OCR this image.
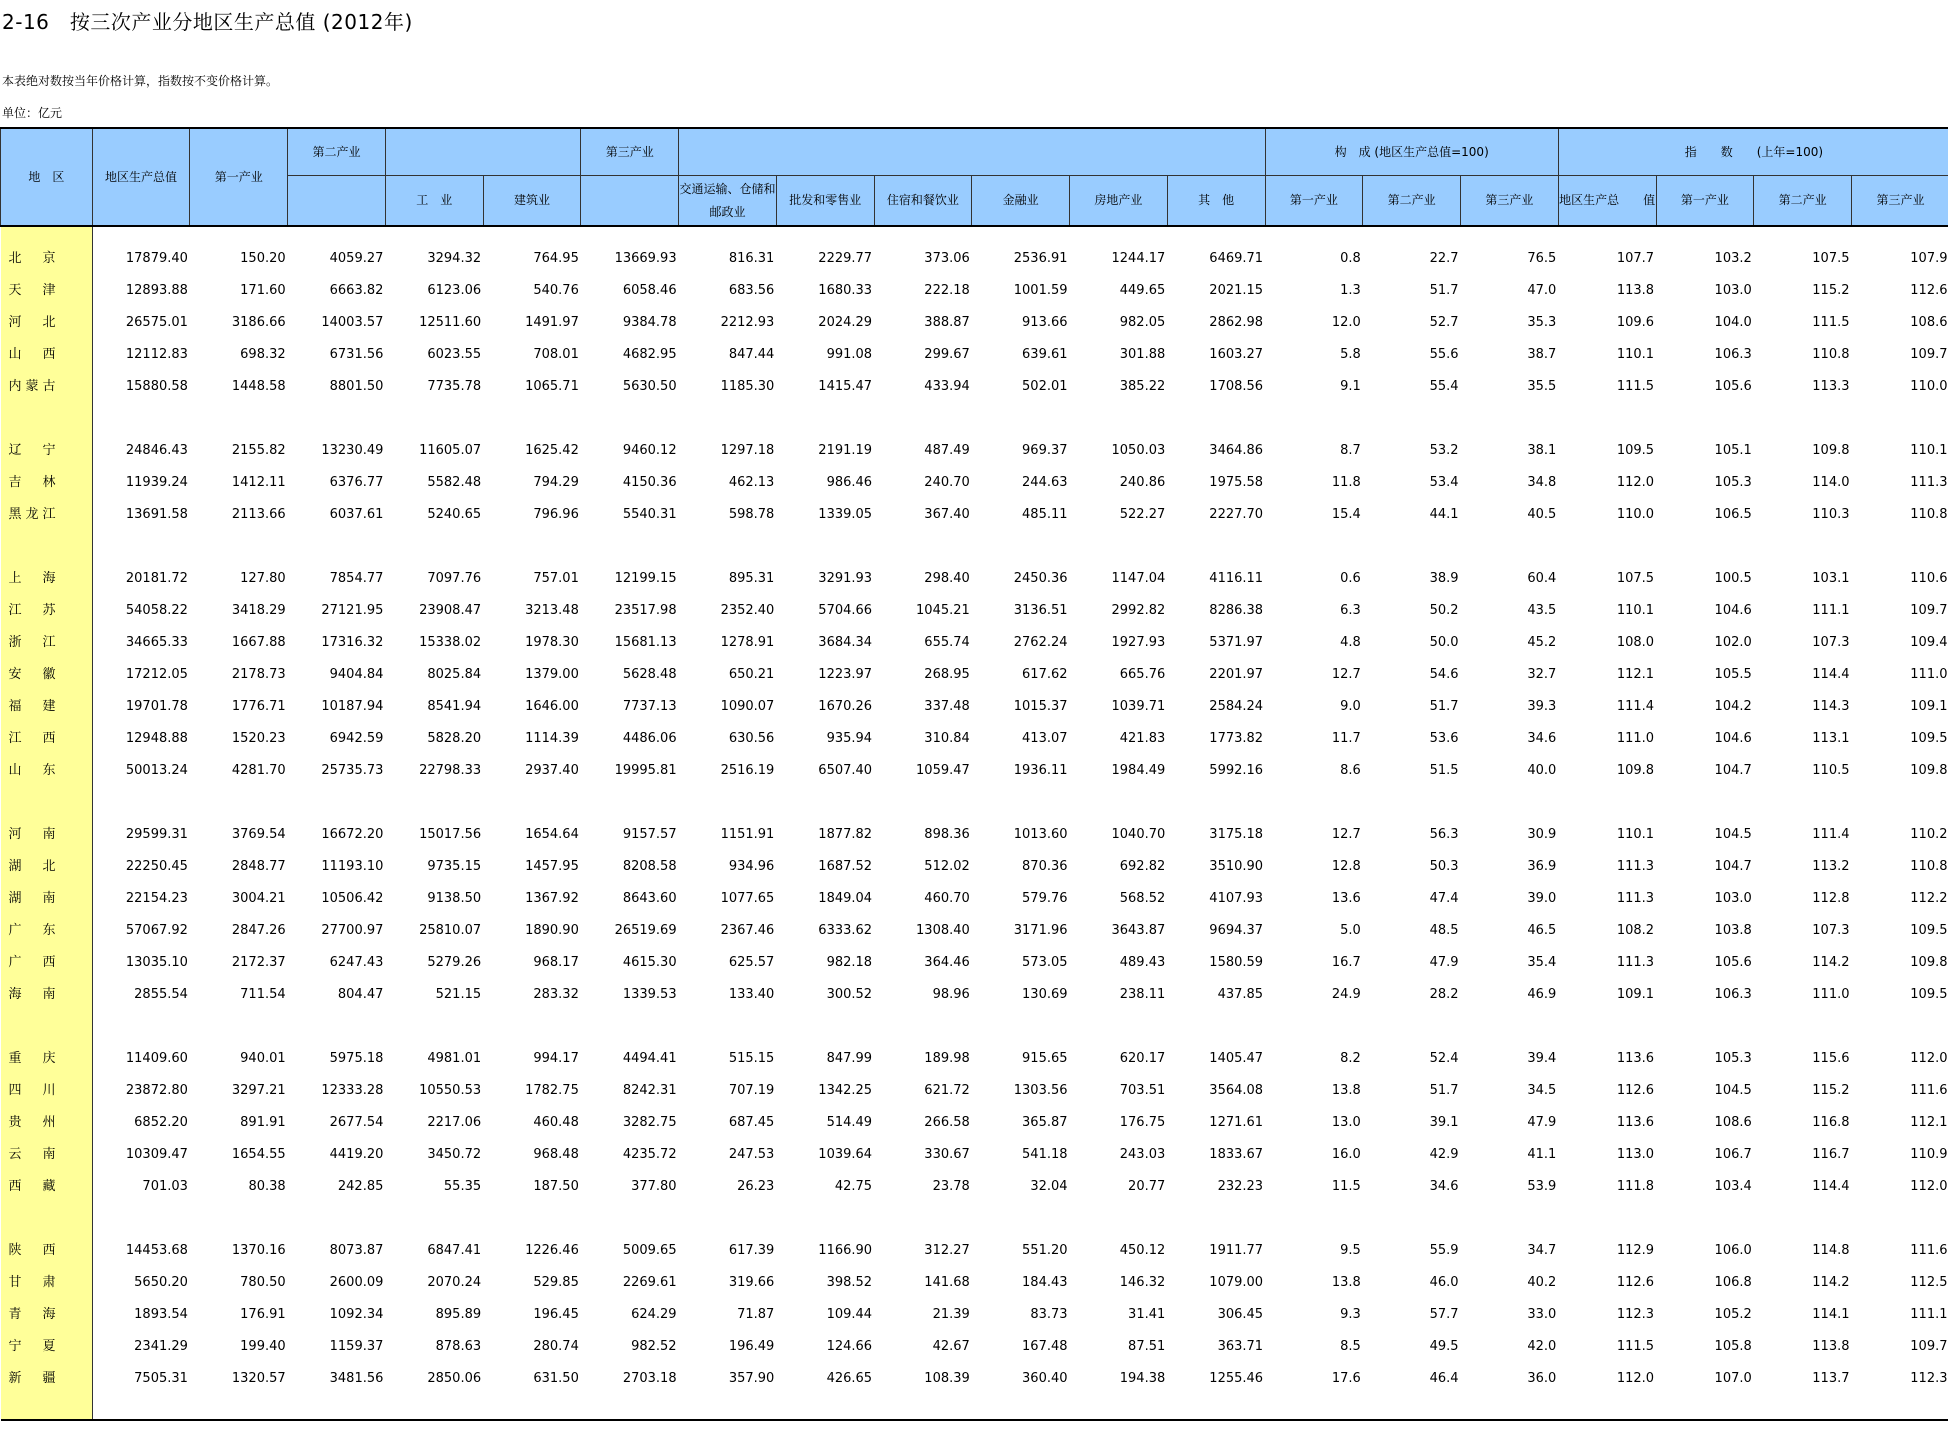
2-16　按三次产业分地区生产总值 (2012年)
本表绝对数按当年价格计算，指数按不变价格计算。
单位：亿元
地　区	地区生产总值	第一产业	第二产业			第三产业							构　成 (地区生产总值=100)			指　　数　　(上年=100)			
				工　业	建筑业		交通运输、仓储和邮政业	批发和零售业	住宿和餐饮业	金融业	房地产业	其　他	第一产业	第二产业	第三产业	地区生产总　　值	第一产业	第二产业	第三产业

北　京	17879.40	150.20	4059.27	3294.32	764.95	13669.93	816.31	2229.77	373.06	2536.91	1244.17	6469.71	0.8	22.7	76.5	107.7	103.2	107.5	107.9
天　津	12893.88	171.60	6663.82	6123.06	540.76	6058.46	683.56	1680.33	222.18	1001.59	449.65	2021.15	1.3	51.7	47.0	113.8	103.0	115.2	112.6
河　北	26575.01	3186.66	14003.57	12511.60	1491.97	9384.78	2212.93	2024.29	388.87	913.66	982.05	2862.98	12.0	52.7	35.3	109.6	104.0	111.5	108.6
山　西	12112.83	698.32	6731.56	6023.55	708.01	4682.95	847.44	991.08	299.67	639.61	301.88	1603.27	5.8	55.6	38.7	110.1	106.3	110.8	109.7
内蒙古	15880.58	1448.58	8801.50	7735.78	1065.71	5630.50	1185.30	1415.47	433.94	502.01	385.22	1708.56	9.1	55.4	35.5	111.5	105.6	113.3	110.0

辽　宁	24846.43	2155.82	13230.49	11605.07	1625.42	9460.12	1297.18	2191.19	487.49	969.37	1050.03	3464.86	8.7	53.2	38.1	109.5	105.1	109.8	110.1
吉　林	11939.24	1412.11	6376.77	5582.48	794.29	4150.36	462.13	986.46	240.70	244.63	240.86	1975.58	11.8	53.4	34.8	112.0	105.3	114.0	111.3
黑龙江	13691.58	2113.66	6037.61	5240.65	796.96	5540.31	598.78	1339.05	367.40	485.11	522.27	2227.70	15.4	44.1	40.5	110.0	106.5	110.3	110.8

上　海	20181.72	127.80	7854.77	7097.76	757.01	12199.15	895.31	3291.93	298.40	2450.36	1147.04	4116.11	0.6	38.9	60.4	107.5	100.5	103.1	110.6
江　苏	54058.22	3418.29	27121.95	23908.47	3213.48	23517.98	2352.40	5704.66	1045.21	3136.51	2992.82	8286.38	6.3	50.2	43.5	110.1	104.6	111.1	109.7
浙　江	34665.33	1667.88	17316.32	15338.02	1978.30	15681.13	1278.91	3684.34	655.74	2762.24	1927.93	5371.97	4.8	50.0	45.2	108.0	102.0	107.3	109.4
安　徽	17212.05	2178.73	9404.84	8025.84	1379.00	5628.48	650.21	1223.97	268.95	617.62	665.76	2201.97	12.7	54.6	32.7	112.1	105.5	114.4	111.0
福　建	19701.78	1776.71	10187.94	8541.94	1646.00	7737.13	1090.07	1670.26	337.48	1015.37	1039.71	2584.24	9.0	51.7	39.3	111.4	104.2	114.3	109.1
江　西	12948.88	1520.23	6942.59	5828.20	1114.39	4486.06	630.56	935.94	310.84	413.07	421.83	1773.82	11.7	53.6	34.6	111.0	104.6	113.1	109.5
山　东	50013.24	4281.70	25735.73	22798.33	2937.40	19995.81	2516.19	6507.40	1059.47	1936.11	1984.49	5992.16	8.6	51.5	40.0	109.8	104.7	110.5	109.8

河　南	29599.31	3769.54	16672.20	15017.56	1654.64	9157.57	1151.91	1877.82	898.36	1013.60	1040.70	3175.18	12.7	56.3	30.9	110.1	104.5	111.4	110.2
湖　北	22250.45	2848.77	11193.10	9735.15	1457.95	8208.58	934.96	1687.52	512.02	870.36	692.82	3510.90	12.8	50.3	36.9	111.3	104.7	113.2	110.8
湖　南	22154.23	3004.21	10506.42	9138.50	1367.92	8643.60	1077.65	1849.04	460.70	579.76	568.52	4107.93	13.6	47.4	39.0	111.3	103.0	112.8	112.2
广　东	57067.92	2847.26	27700.97	25810.07	1890.90	26519.69	2367.46	6333.62	1308.40	3171.96	3643.87	9694.37	5.0	48.5	46.5	108.2	103.8	107.3	109.5
广　西	13035.10	2172.37	6247.43	5279.26	968.17	4615.30	625.57	982.18	364.46	573.05	489.43	1580.59	16.7	47.9	35.4	111.3	105.6	114.2	109.8
海　南	2855.54	711.54	804.47	521.15	283.32	1339.53	133.40	300.52	98.96	130.69	238.11	437.85	24.9	28.2	46.9	109.1	106.3	111.0	109.5

重　庆	11409.60	940.01	5975.18	4981.01	994.17	4494.41	515.15	847.99	189.98	915.65	620.17	1405.47	8.2	52.4	39.4	113.6	105.3	115.6	112.0
四　川	23872.80	3297.21	12333.28	10550.53	1782.75	8242.31	707.19	1342.25	621.72	1303.56	703.51	3564.08	13.8	51.7	34.5	112.6	104.5	115.2	111.6
贵　州	6852.20	891.91	2677.54	2217.06	460.48	3282.75	687.45	514.49	266.58	365.87	176.75	1271.61	13.0	39.1	47.9	113.6	108.6	116.8	112.1
云　南	10309.47	1654.55	4419.20	3450.72	968.48	4235.72	247.53	1039.64	330.67	541.18	243.03	1833.67	16.0	42.9	41.1	113.0	106.7	116.7	110.9
西　藏	701.03	80.38	242.85	55.35	187.50	377.80	26.23	42.75	23.78	32.04	20.77	232.23	11.5	34.6	53.9	111.8	103.4	114.4	112.0

陕　西	14453.68	1370.16	8073.87	6847.41	1226.46	5009.65	617.39	1166.90	312.27	551.20	450.12	1911.77	9.5	55.9	34.7	112.9	106.0	114.8	111.6
甘　肃	5650.20	780.50	2600.09	2070.24	529.85	2269.61	319.66	398.52	141.68	184.43	146.32	1079.00	13.8	46.0	40.2	112.6	106.8	114.2	112.5
青　海	1893.54	176.91	1092.34	895.89	196.45	624.29	71.87	109.44	21.39	83.73	31.41	306.45	9.3	57.7	33.0	112.3	105.2	114.1	111.1
宁　夏	2341.29	199.40	1159.37	878.63	280.74	982.52	196.49	124.66	42.67	167.48	87.51	363.71	8.5	49.5	42.0	111.5	105.8	113.8	109.7
新　疆	7505.31	1320.57	3481.56	2850.06	631.50	2703.18	357.90	426.65	108.39	360.40	194.38	1255.46	17.6	46.4	36.0	112.0	107.0	113.7	112.3
